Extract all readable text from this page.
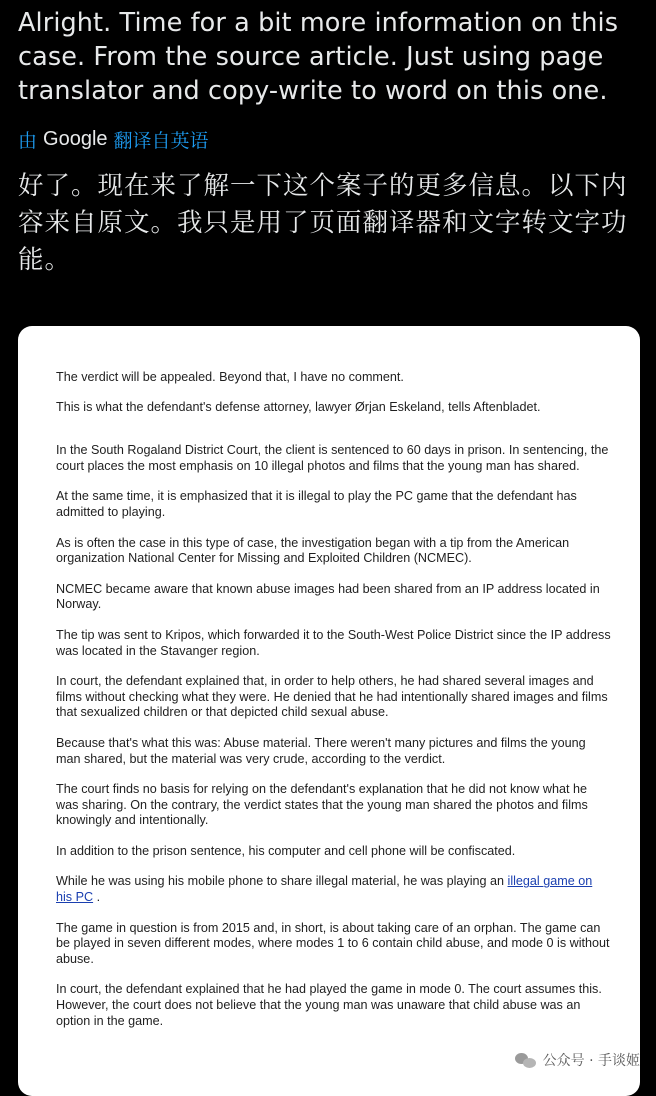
Alright. Time for a bit more information on this case. From the source article. Just using page translator and copy-write to word on this one.
由 Google 翻译自英语
好了。现在来了解一下这个案子的更多信息。以下内容来自原文。我只是用了页面翻译器和文字转文字功能。

The verdict will be appealed. Beyond that, I have no comment.

This is what the defendant's defense attorney, lawyer Ørjan Eskeland, tells Aftenbladet.

In the South Rogaland District Court, the client is sentenced to 60 days in prison. In sentencing, the court places the most emphasis on 10 illegal photos and films that the young man has shared.

At the same time, it is emphasized that it is illegal to play the PC game that the defendant has admitted to playing.

As is often the case in this type of case, the investigation began with a tip from the American organization National Center for Missing and Exploited Children (NCMEC).

NCMEC became aware that known abuse images had been shared from an IP address located in Norway.

The tip was sent to Kripos, which forwarded it to the South-West Police District since the IP address was located in the Stavanger region.

In court, the defendant explained that, in order to help others, he had shared several images and films without checking what they were. He denied that he had intentionally shared images and films that sexualized children or that depicted child sexual abuse.

Because that's what this was: Abuse material. There weren't many pictures and films the young man shared, but the material was very crude, according to the verdict.

The court finds no basis for relying on the defendant's explanation that he did not know what he was sharing. On the contrary, the verdict states that the young man shared the photos and films knowingly and intentionally.

In addition to the prison sentence, his computer and cell phone will be confiscated.

While he was using his mobile phone to share illegal material, he was playing an illegal game on his PC .

The game in question is from 2015 and, in short, is about taking care of an orphan. The game can be played in seven different modes, where modes 1 to 6 contain child abuse, and mode 0 is without abuse.

In court, the defendant explained that he had played the game in mode 0. The court assumes this. However, the court does not believe that the young man was unaware that child abuse was an option in the game.

公众号 · 手谈姬
